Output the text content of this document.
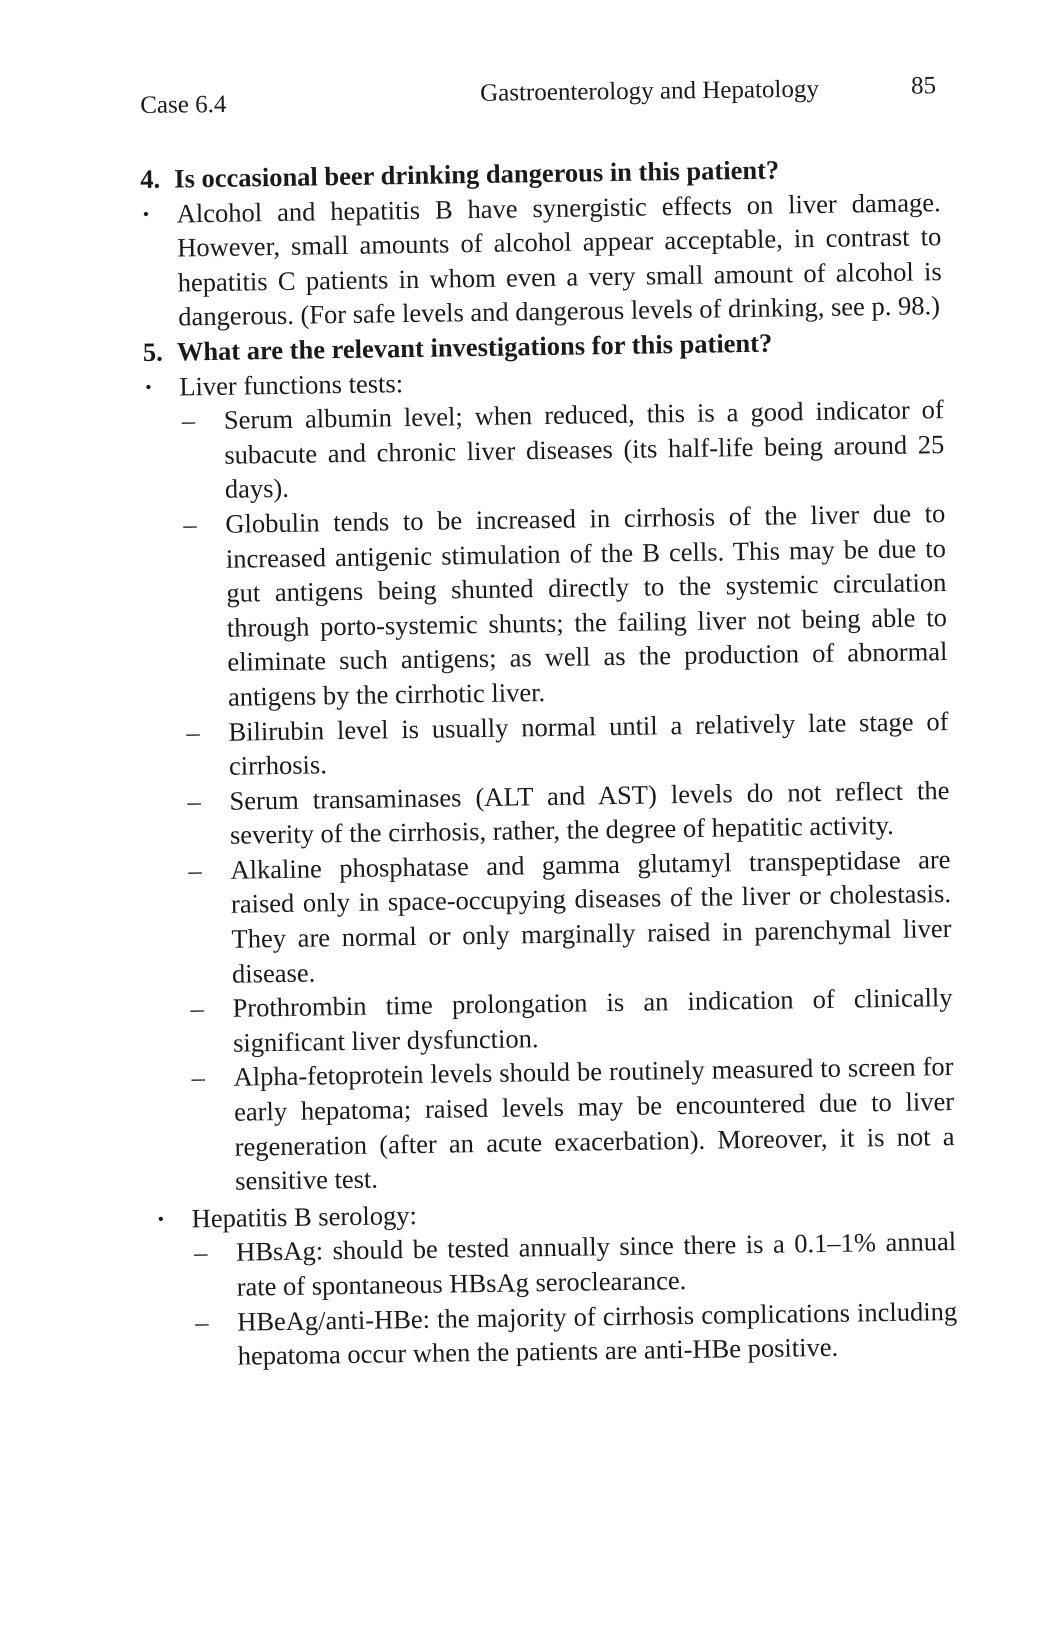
Case 6.4	Gastroenterology and Hepatology	85

4. Is occasional beer drinking dangerous in this patient?

•	Alcohol and hepatitis B have synergistic effects on liver damage. However, small amounts of alcohol appear acceptable, in contrast to hepatitis C patients in whom even a very small amount of alcohol is dangerous. (For safe levels and dangerous levels of drinking, see p. 98.)

5. What are the relevant investigations for this patient?

•	Liver functions tests:
–	Serum albumin level; when reduced, this is a good indicator of subacute and chronic liver diseases (its half-life being around 25 days).
–	Globulin tends to be increased in cirrhosis of the liver due to increased antigenic stimulation of the B cells. This may be due to gut antigens being shunted directly to the systemic circulation through porto-systemic shunts; the failing liver not being able to eliminate such antigens; as well as the production of abnormal antigens by the cirrhotic liver.
–	Bilirubin level is usually normal until a relatively late stage of cirrhosis.
–	Serum transaminases (ALT and AST) levels do not reflect the severity of the cirrhosis, rather, the degree of hepatitic activity.
–	Alkaline phosphatase and gamma glutamyl transpeptidase are raised only in space-occupying diseases of the liver or cholestasis. They are normal or only marginally raised in parenchymal liver disease.
–	Prothrombin time prolongation is an indication of clinically significant liver dysfunction.
–	Alpha-fetoprotein levels should be routinely measured to screen for early hepatoma; raised levels may be encountered due to liver regeneration (after an acute exacerbation). Moreover, it is not a sensitive test.
•	Hepatitis B serology:
–	HBsAg: should be tested annually since there is a 0.1–1% annual rate of spontaneous HBsAg seroclearance.
–	HBeAg/anti-HBe: the majority of cirrhosis complications including hepatoma occur when the patients are anti-HBe positive.
